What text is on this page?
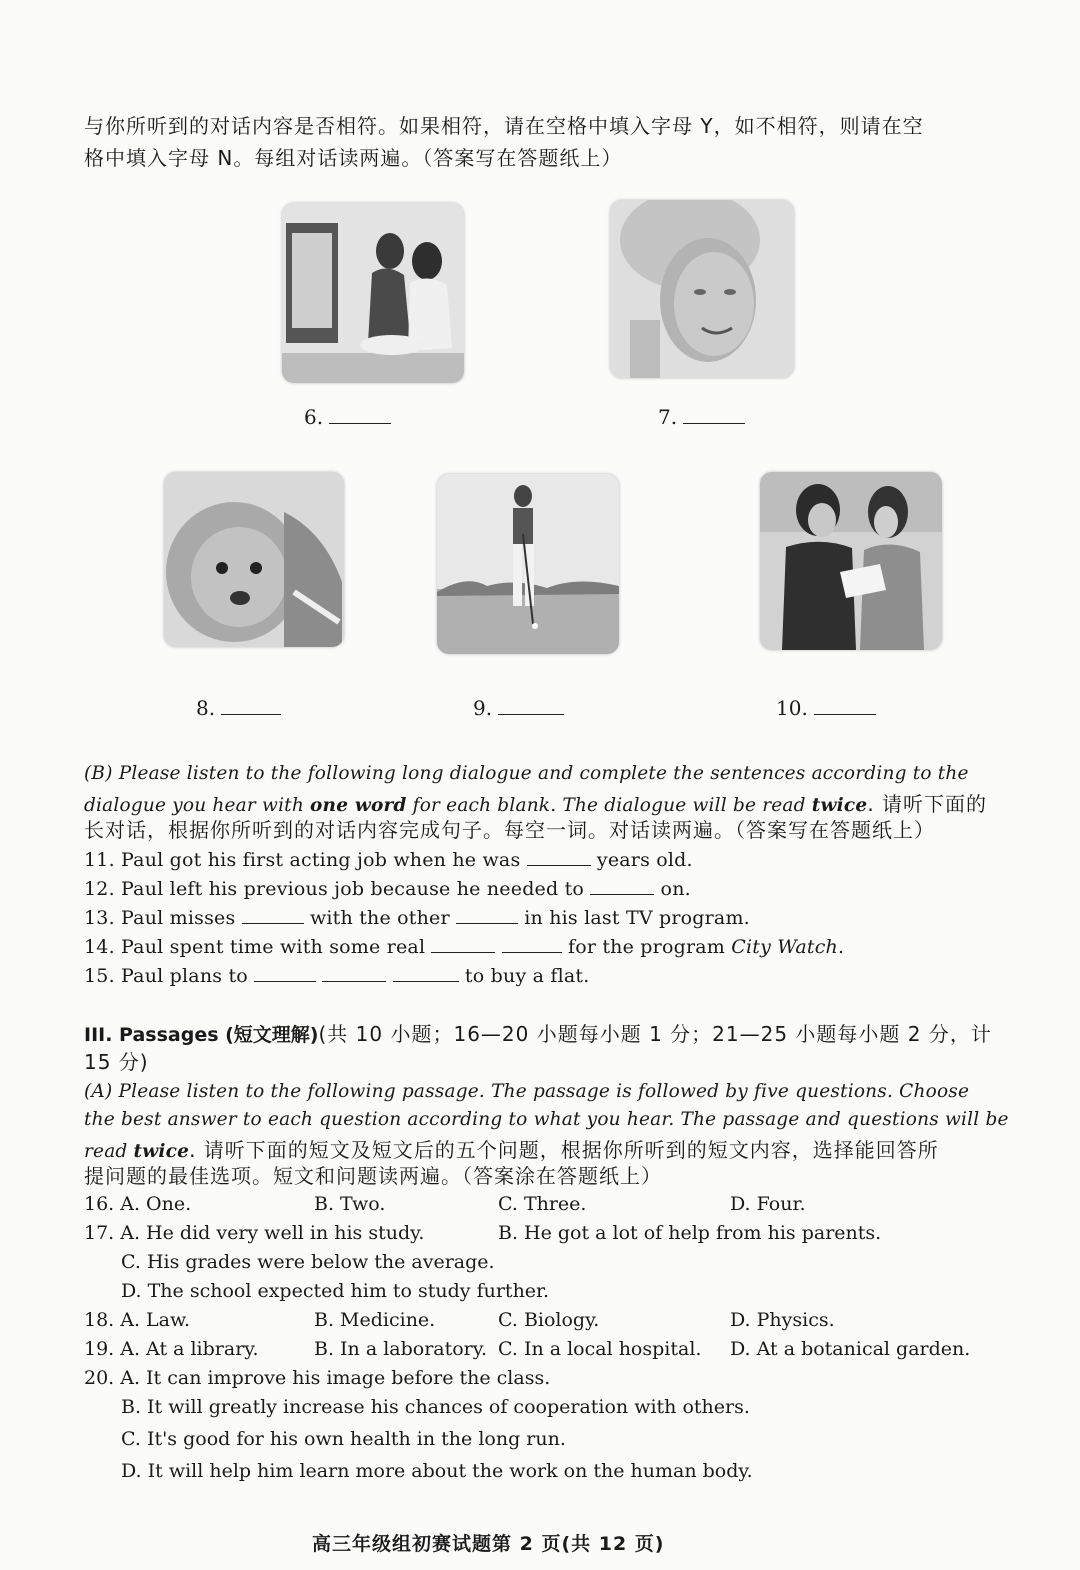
与你所听到的对话内容是否相符。如果相符，请在空格中填入字母 Y，如不相符，则请在空
格中填入字母 N。每组对话读两遍。（答案写在答题纸上）
6.	7.
8.	9.	10.
(B) Please listen to the following long dialogue and complete the sentences according to the
dialogue you hear with one word for each blank. The dialogue will be read twice. 请听下面的
长对话，根据你所听到的对话内容完成句子。每空一词。对话读两遍。（答案写在答题纸上）
11. Paul got his first acting job when he was	years old.
12. Paul left his previous job because he needed to	on.
13. Paul misses	with the other	in his last TV program.
14. Paul spent time with some real	for the program City Watch.
15. Paul plans to	to buy a flat.
III. Passages (短文理解)(共 10 小题；16—20 小题每小题 1 分；21—25 小题每小题 2 分，计
15 分)
(A) Please listen to the following passage. The passage is followed by five questions. Choose
the best answer to each question according to what you hear. The passage and questions will be
read twice. 请听下面的短文及短文后的五个问题，根据你所听到的短文内容，选择能回答所
提问题的最佳选项。短文和问题读两遍。（答案涂在答题纸上）
16. A. One.	B. Two.	C. Three.	D. Four.
17. A. He did very well in his study.	B. He got a lot of help from his parents.
C. His grades were below the average.
D. The school expected him to study further.
18. A. Law.	B. Medicine.	C. Biology.	D. Physics.
19. A. At a library.	B. In a laboratory. C. In a local hospital. D. At a botanical garden.
20. A. It can improve his image before the class.
B. It will greatly increase his chances of cooperation with others.
C. It's good for his own health in the long run.
D. It will help him learn more about the work on the human body.
高三年级组初赛试题第 2 页(共 12 页)
